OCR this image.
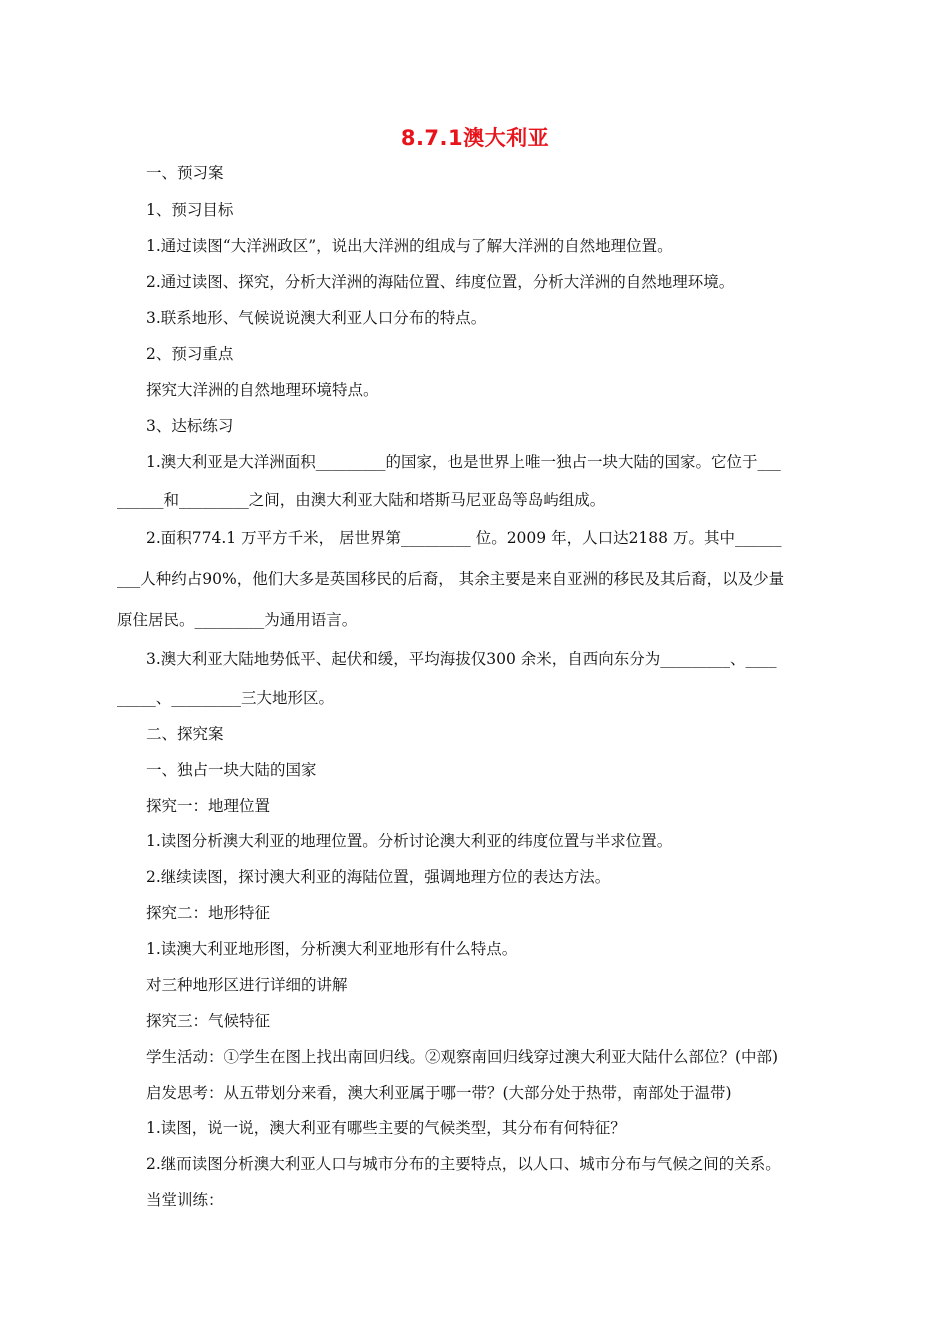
8.7.1澳大利亚
一、预习案
1、预习目标
1.通过读图“大洋洲政区”，说出大洋洲的组成与了解大洋洲的自然地理位置。
2.通过读图、探究，分析大洋洲的海陆位置、纬度位置，分析大洋洲的自然地理环境。
3.联系地形、气候说说澳大利亚人口分布的特点。
2、预习重点
探究大洋洲的自然地理环境特点。
3、达标练习
1.澳大利亚是大洋洲面积_________的国家，也是世界上唯一独占一块大陆的国家。它位于___
______和_________之间，由澳大利亚大陆和塔斯马尼亚岛等岛屿组成。
2.面积774.1 万平方千米， 居世界第_________ 位。2009 年，人口达2188 万。其中______
___人种约占90%，他们大多是英国移民的后裔， 其余主要是来自亚洲的移民及其后裔，以及少量
原住居民。_________为通用语言。
3.澳大利亚大陆地势低平、起伏和缓，平均海拔仅300 余米，自西向东分为_________、____
_____、_________三大地形区。
二、探究案
一、独占一块大陆的国家
探究一：地理位置
1.读图分析澳大利亚的地理位置。分析讨论澳大利亚的纬度位置与半求位置。
2.继续读图，探讨澳大利亚的海陆位置，强调地理方位的表达方法。
探究二：地形特征
1.读澳大利亚地形图，分析澳大利亚地形有什么特点。
对三种地形区进行详细的讲解
探究三：气候特征
学生活动：①学生在图上找出南回归线。②观察南回归线穿过澳大利亚大陆什么部位？(中部)
启发思考：从五带划分来看，澳大利亚属于哪一带？(大部分处于热带，南部处于温带)
1.读图，说一说，澳大利亚有哪些主要的气候类型，其分布有何特征？
2.继而读图分析澳大利亚人口与城市分布的主要特点，以人口、城市分布与气候之间的关系。
当堂训练：
